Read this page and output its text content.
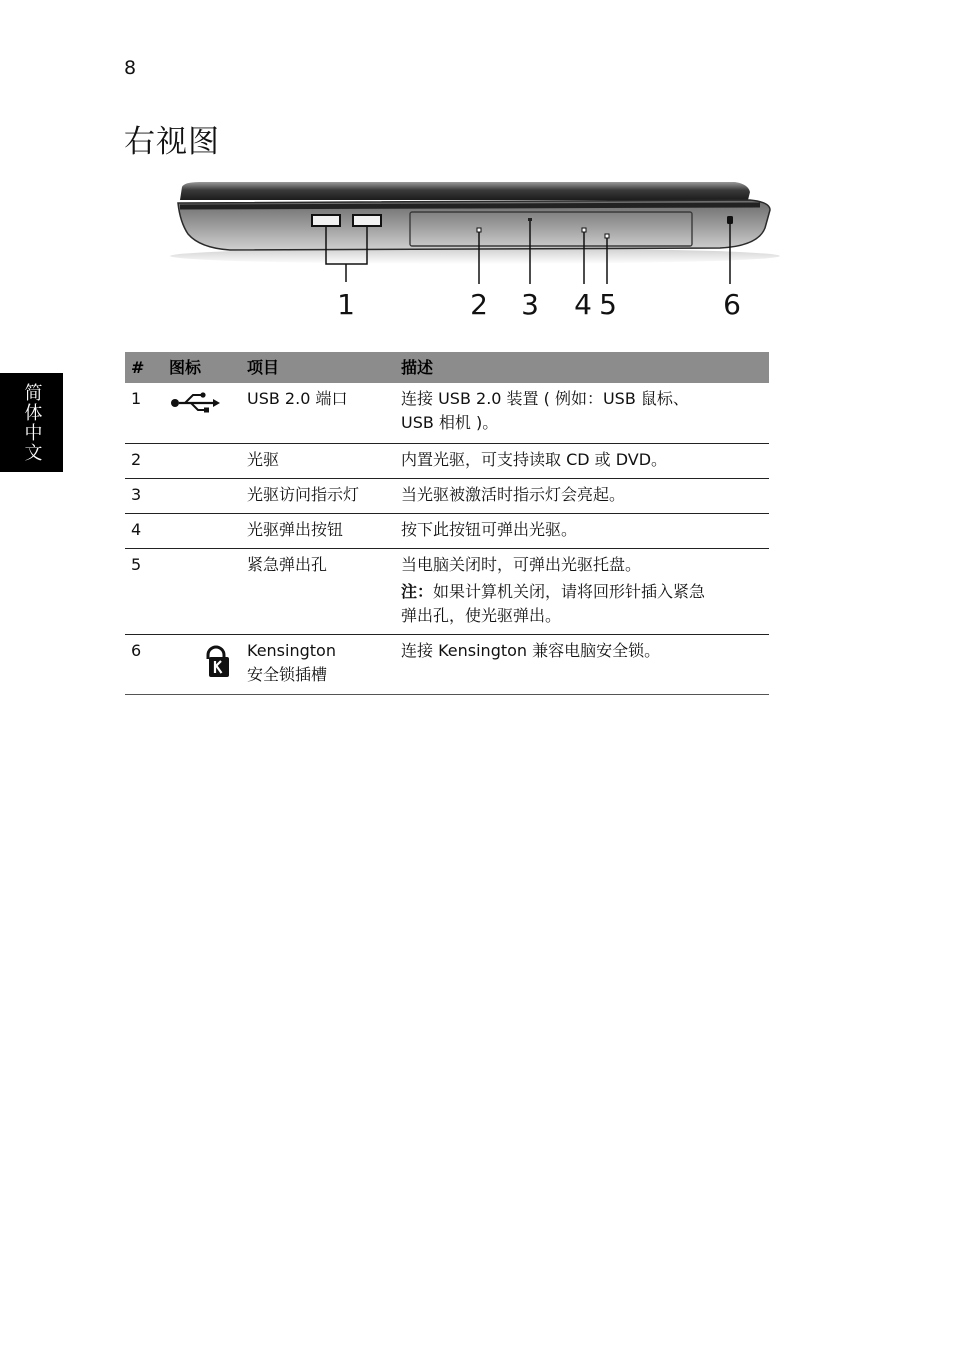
8
右视图
简体中文
1	2 3 4 5	6
#	图标	项目	描述
1		USB 2.0 端口	连接 USB 2.0 装置 ( 例如：USB 鼠标、
USB 相机 )。

2		光驱	内置光驱，可支持读取 CD 或 DVD。

3		光驱访问指示灯	当光驱被激活时指示灯会亮起。

4		光驱弹出按钮	按下此按钮可弹出光驱。

5		紧急弹出孔	当电脑关闭时，可弹出光驱托盘。
注：如果计算机关闭，请将回形针插入紧急
弹出孔，使光驱弹出。

6		Kensington
安全锁插槽	连接 Kensington 兼容电脑安全锁。
